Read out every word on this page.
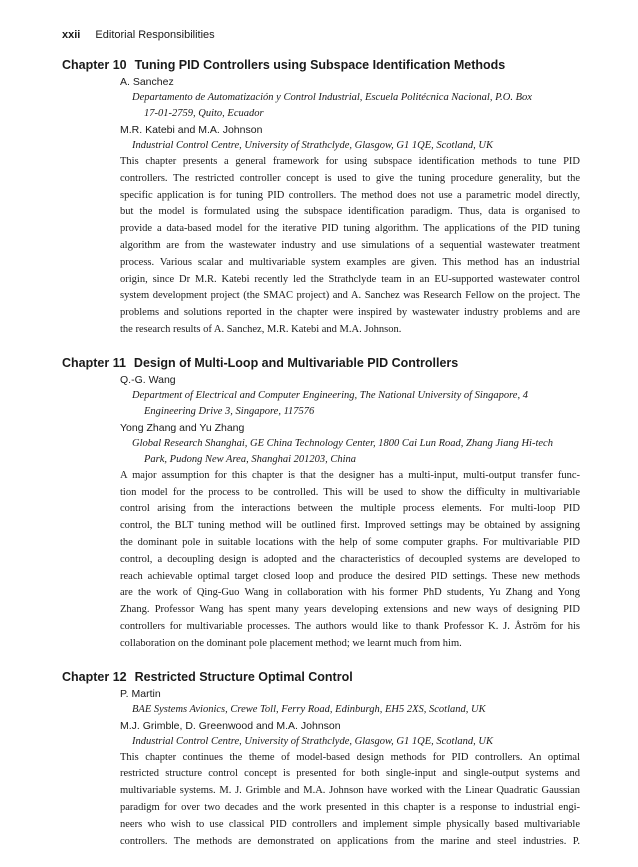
xxii Editorial Responsibilities
Chapter 10 Tuning PID Controllers using Subspace Identification Methods
A. Sanchez
Departamento de Automatización y Control Industrial, Escuela Politécnica Nacional, P.O. Box
17-01-2759, Quito, Ecuador
M.R. Katebi and M.A. Johnson
Industrial Control Centre, University of Strathclyde, Glasgow, G1 1QE, Scotland, UK
This chapter presents a general framework for using subspace identification methods to tune PID
controllers. The restricted controller concept is used to give the tuning procedure generality, but the
specific application is for tuning PID controllers. The method does not use a parametric model directly,
but the model is formulated using the subspace identification paradigm. Thus, data is organised to
provide a data-based model for the iterative PID tuning algorithm. The applications of the PID tuning
algorithm are from the wastewater industry and use simulations of a sequential wastewater treatment
process. Various scalar and multivariable system examples are given. This method has an industrial
origin, since Dr M.R. Katebi recently led the Strathclyde team in an EU-supported wastewater control
system development project (the SMAC project) and A. Sanchez was Research Fellow on the project. The
problems and solutions reported in the chapter were inspired by wastewater industry problems and are
the research results of A. Sanchez, M.R. Katebi and M.A. Johnson.
Chapter 11 Design of Multi-Loop and Multivariable PID Controllers
Q.-G. Wang
Department of Electrical and Computer Engineering, The National University of Singapore, 4
Engineering Drive 3, Singapore, 117576
Yong Zhang and Yu Zhang
Global Research Shanghai, GE China Technology Center, 1800 Cai Lun Road, Zhang Jiang Hi-tech
Park, Pudong New Area, Shanghai 201203, China
A major assumption for this chapter is that the designer has a multi-input, multi-output transfer func-
tion model for the process to be controlled. This will be used to show the difficulty in multivariable
control arising from the interactions between the multiple process elements. For multi-loop PID
control, the BLT tuning method will be outlined first. Improved settings may be obtained by assigning
the dominant pole in suitable locations with the help of some computer graphs. For multivariable PID
control, a decoupling design is adopted and the characteristics of decoupled systems are developed to
reach achievable optimal target closed loop and produce the desired PID settings. These new methods
are the work of Qing-Guo Wang in collaboration with his former PhD students, Yu Zhang and Yong
Zhang. Professor Wang has spent many years developing extensions and new ways of designing PID
controllers for multivariable processes. The authors would like to thank Professor K. J. Åström for his
collaboration on the dominant pole placement method; we learnt much from him.
Chapter 12 Restricted Structure Optimal Control
P. Martin
BAE Systems Avionics, Crewe Toll, Ferry Road, Edinburgh, EH5 2XS, Scotland, UK
M.J. Grimble, D. Greenwood and M.A. Johnson
Industrial Control Centre, University of Strathclyde, Glasgow, G1 1QE, Scotland, UK
This chapter continues the theme of model-based design methods for PID controllers. An optimal
restricted structure control concept is presented for both single-input and single-output systems and
multivariable systems. M. J. Grimble and M.A. Johnson have worked with the Linear Quadratic Gaussian
paradigm for over two decades and the work presented in this chapter is a response to industrial engi-
neers who wish to use classical PID controllers and implement simple physically based multivariable
controllers. The methods are demonstrated on applications from the marine and steel industries. P.
